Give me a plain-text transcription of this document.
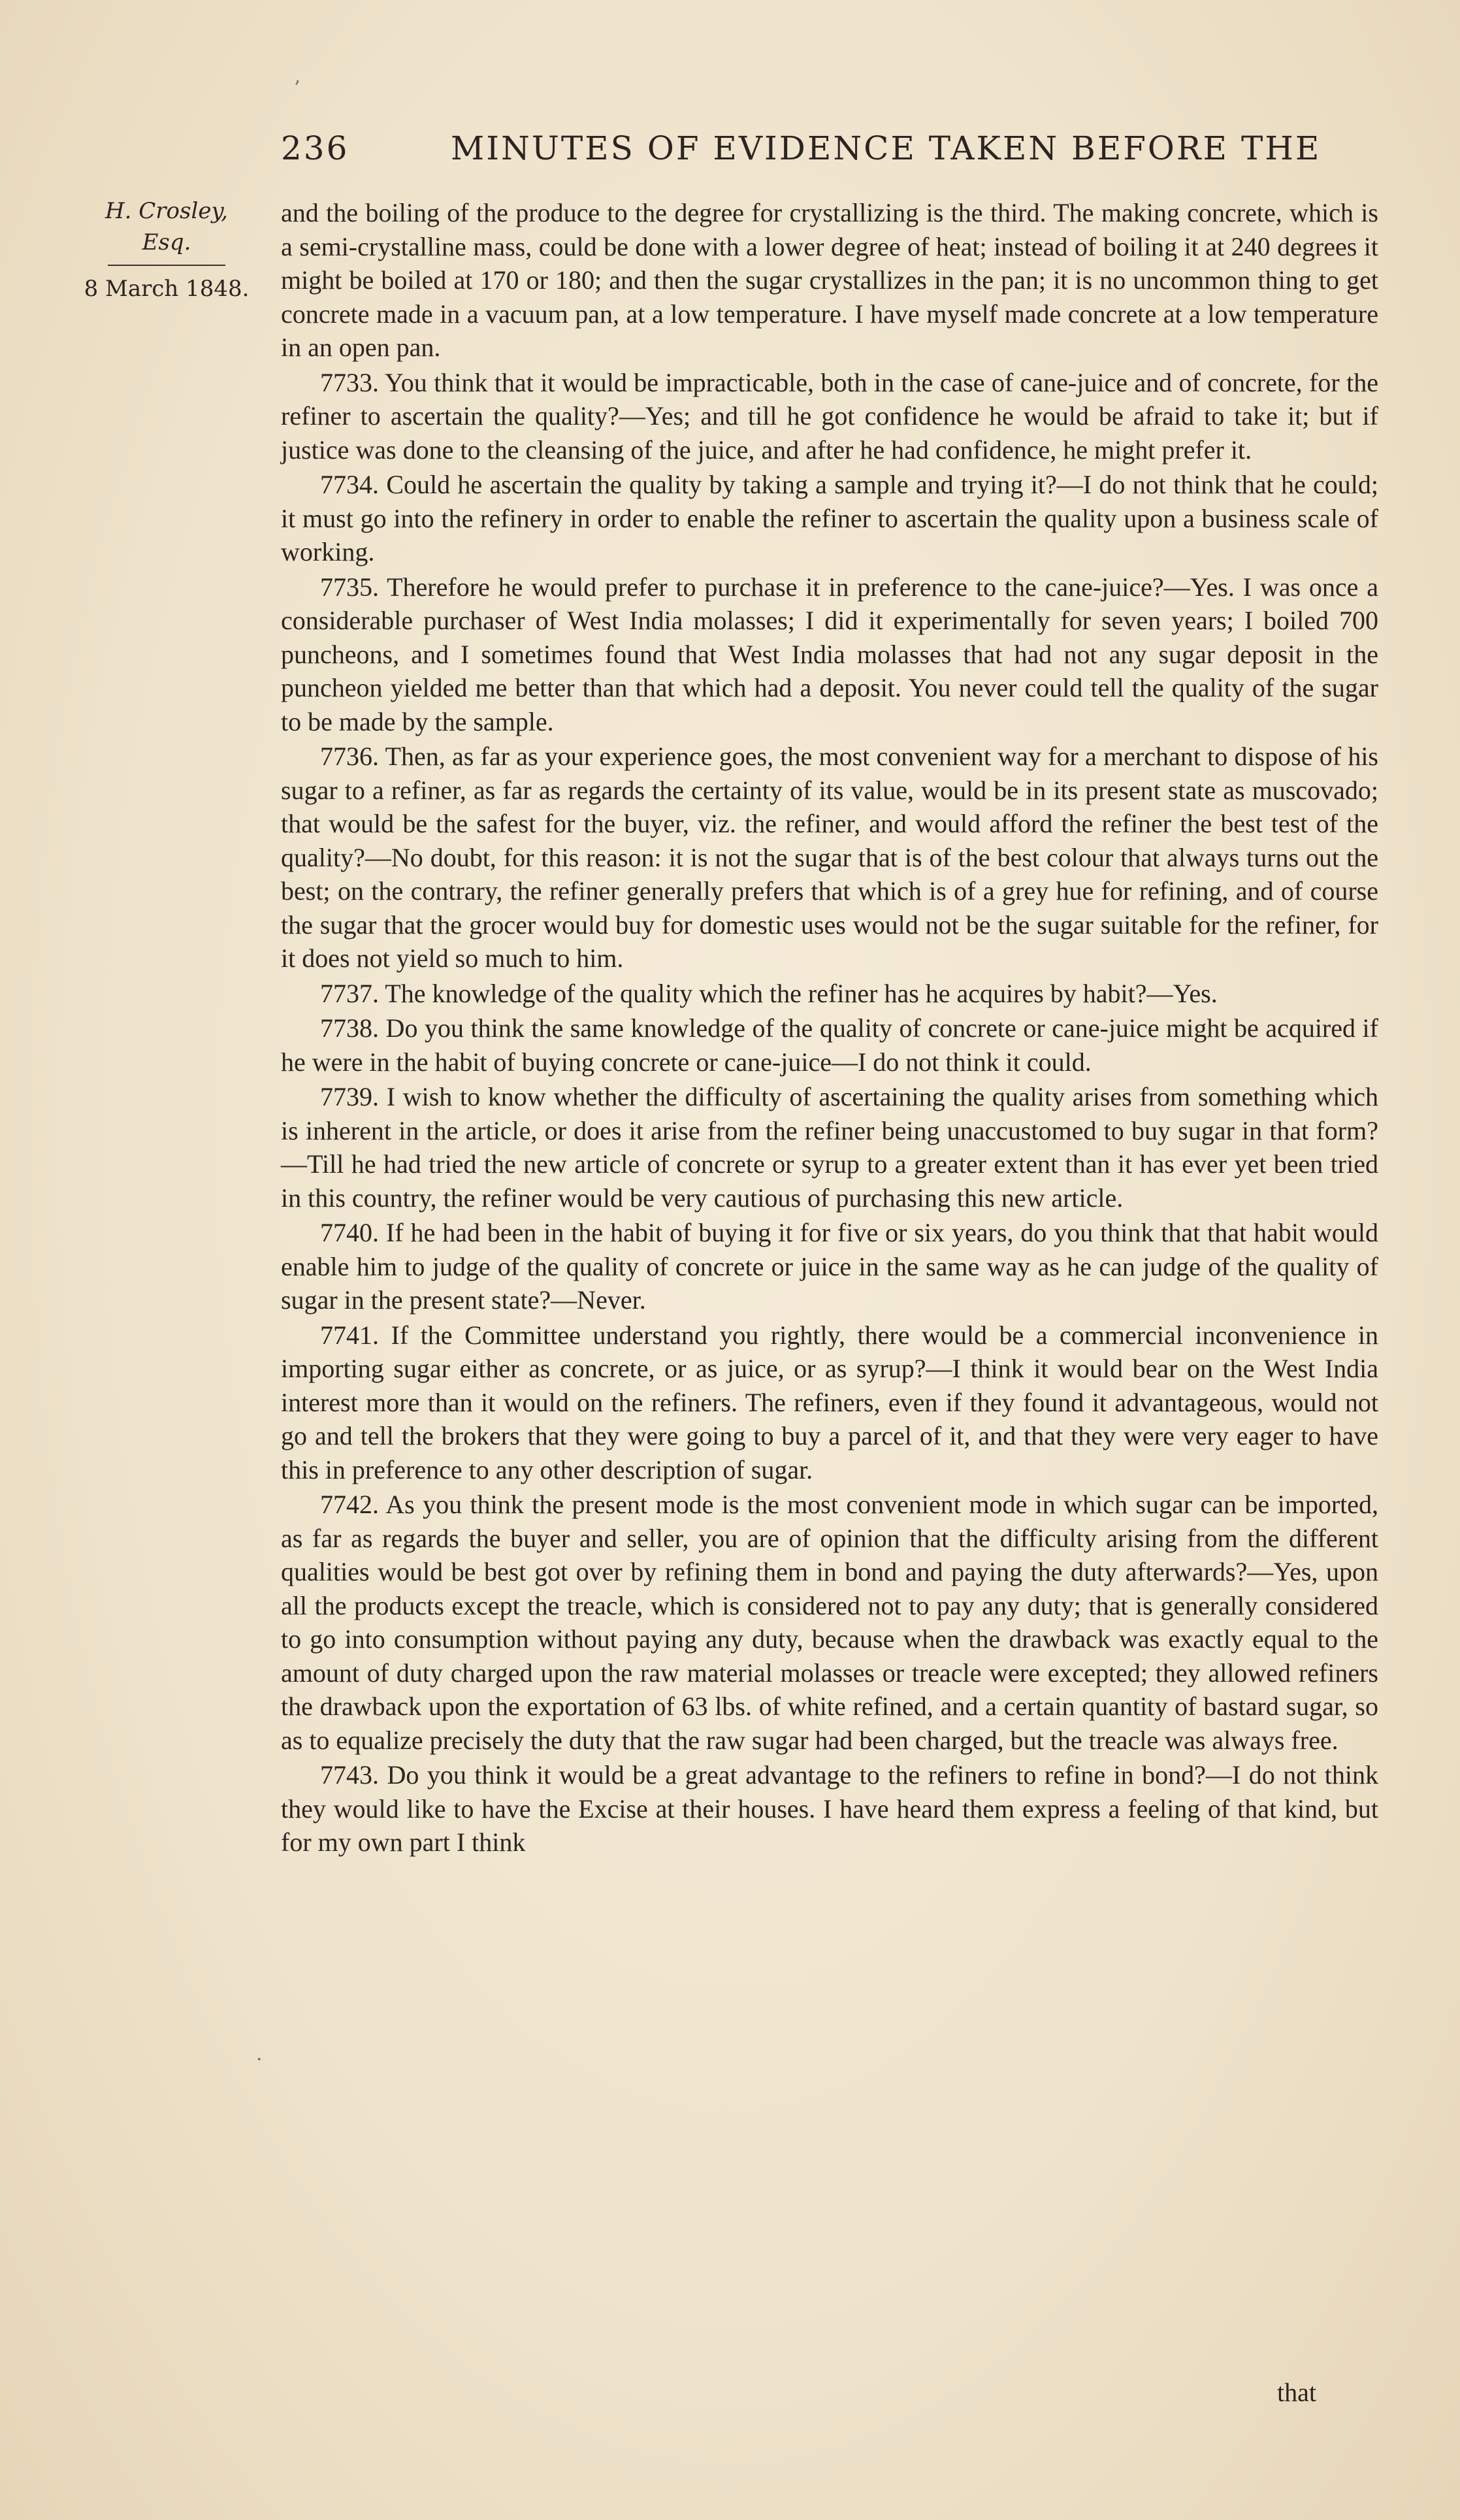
236	MINUTES OF EVIDENCE TAKEN BEFORE THE
H. Crosley, Esq.
8 March 1848.
’
·

and the boiling of the produce to the degree for crystallizing is the third. The making concrete, which is a semi-crystalline mass, could be done with a lower degree of heat; instead of boiling it at 240 degrees it might be boiled at 170 or 180; and then the sugar crystallizes in the pan; it is no uncommon thing to get concrete made in a vacuum pan, at a low temperature. I have myself made concrete at a low temperature in an open pan.

7733. You think that it would be impracticable, both in the case of cane-juice and of concrete, for the refiner to ascertain the quality?—Yes; and till he got confidence he would be afraid to take it; but if justice was done to the cleansing of the juice, and after he had confidence, he might prefer it.

7734. Could he ascertain the quality by taking a sample and trying it?—I do not think that he could; it must go into the refinery in order to enable the refiner to ascertain the quality upon a business scale of working.

7735. Therefore he would prefer to purchase it in preference to the cane-juice?—Yes. I was once a considerable purchaser of West India molasses; I did it experimentally for seven years; I boiled 700 puncheons, and I sometimes found that West India molasses that had not any sugar deposit in the puncheon yielded me better than that which had a deposit. You never could tell the quality of the sugar to be made by the sample.

7736. Then, as far as your experience goes, the most convenient way for a merchant to dispose of his sugar to a refiner, as far as regards the certainty of its value, would be in its present state as muscovado; that would be the safest for the buyer, viz. the refiner, and would afford the refiner the best test of the quality?—No doubt, for this reason: it is not the sugar that is of the best colour that always turns out the best; on the contrary, the refiner generally prefers that which is of a grey hue for refining, and of course the sugar that the grocer would buy for domestic uses would not be the sugar suitable for the refiner, for it does not yield so much to him.

7737. The knowledge of the quality which the refiner has he acquires by habit?—Yes.

7738. Do you think the same knowledge of the quality of concrete or cane-juice might be acquired if he were in the habit of buying concrete or cane-juice—I do not think it could.

7739. I wish to know whether the difficulty of ascertaining the quality arises from something which is inherent in the article, or does it arise from the refiner being unaccustomed to buy sugar in that form?—Till he had tried the new article of concrete or syrup to a greater extent than it has ever yet been tried in this country, the refiner would be very cautious of purchasing this new article.

7740. If he had been in the habit of buying it for five or six years, do you think that that habit would enable him to judge of the quality of concrete or juice in the same way as he can judge of the quality of sugar in the present state?—Never.

7741. If the Committee understand you rightly, there would be a commercial inconvenience in importing sugar either as concrete, or as juice, or as syrup?—I think it would bear on the West India interest more than it would on the refiners. The refiners, even if they found it advantageous, would not go and tell the brokers that they were going to buy a parcel of it, and that they were very eager to have this in preference to any other description of sugar.

7742. As you think the present mode is the most convenient mode in which sugar can be imported, as far as regards the buyer and seller, you are of opinion that the difficulty arising from the different qualities would be best got over by refining them in bond and paying the duty afterwards?—Yes, upon all the products except the treacle, which is considered not to pay any duty; that is generally considered to go into consumption without paying any duty, because when the drawback was exactly equal to the amount of duty charged upon the raw material molasses or treacle were excepted; they allowed refiners the drawback upon the exportation of 63 lbs. of white refined, and a certain quantity of bastard sugar, so as to equalize precisely the duty that the raw sugar had been charged, but the treacle was always free.

7743. Do you think it would be a great advantage to the refiners to refine in bond?—I do not think they would like to have the Excise at their houses. I have heard them express a feeling of that kind, but for my own part I think

that
